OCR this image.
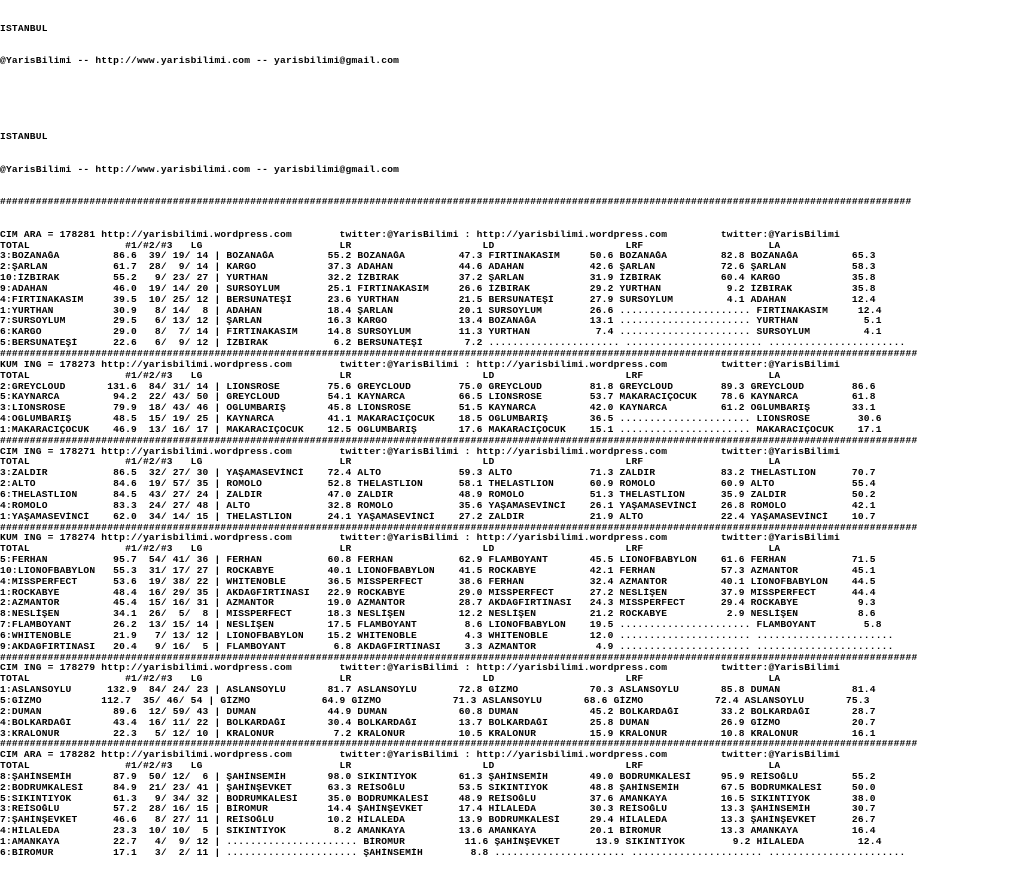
ISTANBUL

@YarisBilimi -- http://www.yarisbilimi.com -- yarisbilimi@gmail.com

ISTANBUL

@YarisBilimi -- http://www.yarisbilimi.com -- yarisbilimi@gmail.com

#########################################################################################################################################################

CIM ARA = 178281 http://yarisbilimi.wordpress.com        twitter:@YarisBilimi : http://yarisbilimi.wordpress.com         twitter:@YarisBilimi
TOTAL                #1/#2/#3   LG                       LR                      LD                      LRF                     LA
3:BOZANAĞA         86.6  39/ 19/ 14 | BOZANAĞA         55.2 BOZANAĞA         47.3 FIRTINAKASIM     50.6 BOZANAĞA         82.8 BOZANAĞA         65.3
2:ŞARLAN           61.7  28/  9/ 14 | KARGO            37.3 ADAHAN           44.6 ADAHAN           42.6 ŞARLAN           72.6 ŞARLAN           58.3
10:İZBIRAK         55.2   9/ 23/ 27 | YURTHAN          32.2 İZBIRAK          37.2 ŞARLAN           31.9 İZBIRAK          60.4 KARGO            35.8
9:ADAHAN           46.0  19/ 14/ 20 | SURSOYLUM        25.1 FIRTINAKASIM     26.6 İZBIRAK          29.2 YURTHAN           9.2 İZBIRAK          35.8
4:FIRTINAKASIM     39.5  10/ 25/ 12 | BERSUNATEŞİ      23.6 YURTHAN          21.5 BERSUNATEŞİ      27.9 SURSOYLUM         4.1 ADAHAN           12.4
1:YURTHAN          30.9   8/ 14/  8 | ADAHAN           18.4 ŞARLAN           20.1 SURSOYLUM        26.6 ...................... FIRTINAKASIM     12.4
7:SURSOYLUM        29.5   6/ 13/ 12 | ŞARLAN           16.3 KARGO            13.4 BOZANAĞA         13.1 ...................... YURTHAN           5.1
6:KARGO            29.0   8/  7/ 14 | FIRTINAKASIM     14.8 SURSOYLUM        11.3 YURTHAN           7.4 ...................... SURSOYLUM         4.1
5:BERSUNATEŞİ      22.6   6/  9/ 12 | İZBIRAK           6.2 BERSUNATEŞİ       7.2 ...................... ....................... .......................
##########################################################################################################################################################
KUM ING = 178273 http://yarisbilimi.wordpress.com        twitter:@YarisBilimi : http://yarisbilimi.wordpress.com         twitter:@YarisBilimi
TOTAL                #1/#2/#3   LG                       LR                      LD                      LRF                     LA
2:GREYCLOUD       131.6  84/ 31/ 14 | LIONSROSE        75.6 GREYCLOUD        75.0 GREYCLOUD        81.8 GREYCLOUD        89.3 GREYCLOUD        86.6
5:KAYNARCA         94.2  22/ 43/ 50 | GREYCLOUD        54.1 KAYNARCA         66.5 LIONSROSE        53.7 MAKARACIÇOCUK    78.6 KAYNARCA         61.8
3:LIONSROSE        79.9  18/ 43/ 46 | OGLUMBARIŞ       45.8 LIONSROSE        51.5 KAYNARCA         42.0 KAYNARCA         61.2 OGLUMBARIŞ       33.1
4:OGLUMBARIŞ       48.5  15/ 19/ 25 | KAYNARCA         41.1 MAKARACIÇOCUK    18.5 OGLUMBARIŞ       36.5 ...................... LIONSROSE        30.6
1:MAKARACIÇOCUK    46.9  13/ 16/ 17 | MAKARACIÇOCUK    12.5 OGLUMBARIŞ       17.6 MAKARACIÇOCUK    15.1 ...................... MAKARACIÇOCUK    17.1
##########################################################################################################################################################
CIM ING = 178271 http://yarisbilimi.wordpress.com        twitter:@YarisBilimi : http://yarisbilimi.wordpress.com         twitter:@YarisBilimi
TOTAL                #1/#2/#3   LG                       LR                      LD                      LRF                     LA
3:ZALDIR           86.5  32/ 27/ 30 | YAŞAMASEVİNCİ    72.4 ALTO             59.3 ALTO             71.3 ZALDIR           83.2 THELASTLION      70.7
2:ALTO             84.6  19/ 57/ 35 | ROMOLO           52.8 THELASTLION      58.1 THELASTLION      60.9 ROMOLO           60.9 ALTO             55.4
6:THELASTLION      84.5  43/ 27/ 24 | ZALDIR           47.0 ZALDIR           48.9 ROMOLO           51.3 THELASTLION      35.9 ZALDIR           50.2
4:ROMOLO           83.3  24/ 27/ 48 | ALTO             32.8 ROMOLO           35.6 YAŞAMASEVİNCİ    26.1 YAŞAMASEVİNCİ    26.8 ROMOLO           42.1
1:YAŞAMASEVİNCİ    62.0  34/ 14/ 15 | THELASTLION      24.1 YAŞAMASEVİNCİ    27.2 ZALDIR           21.9 ALTO             22.4 YAŞAMASEVİNCİ    10.7
##########################################################################################################################################################
KUM ING = 178274 http://yarisbilimi.wordpress.com        twitter:@YarisBilimi : http://yarisbilimi.wordpress.com         twitter:@YarisBilimi
TOTAL                #1/#2/#3   LG                       LR                      LD                      LRF                     LA
5:FERHAN           95.7  54/ 41/ 36 | FERHAN           60.8 FERHAN           62.9 FLAMBOYANT       45.5 LIONOFBABYLON    61.6 FERHAN           71.5
10:LIONOFBABYLON   55.3  31/ 17/ 27 | ROCKABYE         40.1 LIONOFBABYLON    41.5 ROCKABYE         42.1 FERHAN           57.3 AZMANTOR         45.1
4:MISSPERFECT      53.6  19/ 38/ 22 | WHITENOBLE       36.5 MISSPERFECT      38.6 FERHAN           32.4 AZMANTOR         40.1 LIONOFBABYLON    44.5
1:ROCKABYE         48.4  16/ 29/ 35 | AKDAGFIRTINASI   22.9 ROCKABYE         29.0 MISSPERFECT      27.2 NESLİŞEN         37.9 MISSPERFECT      44.4
2:AZMANTOR         45.4  15/ 16/ 31 | AZMANTOR         19.0 AZMANTOR         28.7 AKDAGFIRTINASI   24.3 MISSPERFECT      29.4 ROCKABYE          9.3
8:NESLİŞEN         34.1  26/  5/  8 | MISSPERFECT      18.3 NESLİŞEN         12.2 NESLİŞEN         21.2 ROCKABYE          2.9 NESLİŞEN          8.6
7:FLAMBOYANT       26.2  13/ 15/ 14 | NESLİŞEN         17.5 FLAMBOYANT        8.6 LIONOFBABYLON    19.5 ...................... FLAMBOYANT        5.8
6:WHITENOBLE       21.9   7/ 13/ 12 | LIONOFBABYLON    15.2 WHITENOBLE        4.3 WHITENOBLE       12.0 ...................... .......................
9:AKDAGFIRTINASI   20.4   9/ 16/  5 | FLAMBOYANT        6.8 AKDAGFIRTINASI    3.3 AZMANTOR          4.9 ...................... .......................
##########################################################################################################################################################
CIM ING = 178279 http://yarisbilimi.wordpress.com        twitter:@YarisBilimi : http://yarisbilimi.wordpress.com         twitter:@YarisBilimi
TOTAL                #1/#2/#3   LG                       LR                      LD                      LRF                     LA
1:ASLANSOYLU      132.9  84/ 24/ 23 | ASLANSOYLU       81.7 ASLANSOYLU       72.8 GİZMO            70.3 ASLANSOYLU       85.8 DUMAN            81.4
5:GİZMO          112.7  35/ 46/ 54 | GİZMO            64.9 GİZMO            71.3 ASLANSOYLU       68.6 GİZMO            72.4 ASLANSOYLU       75.3
2:DUMAN            89.6  12/ 59/ 43 | DUMAN            44.9 DUMAN            60.8 DUMAN            45.2 BOLKARDAĞI       33.2 BOLKARDAĞI       28.7
4:BOLKARDAĞI       43.4  16/ 11/ 22 | BOLKARDAĞI       30.4 BOLKARDAĞI       13.7 BOLKARDAĞI       25.8 DUMAN            26.9 GİZMO            20.7
3:KRALONUR         22.3   5/ 12/ 10 | KRALONUR          7.2 KRALONUR         10.5 KRALONUR         15.9 KRALONUR         10.8 KRALONUR         16.1
##########################################################################################################################################################
CIM ARA = 178282 http://yarisbilimi.wordpress.com        twitter:@YarisBilimi : http://yarisbilimi.wordpress.com         twitter:@YarisBilimi
TOTAL                #1/#2/#3   LG                       LR                      LD                      LRF                     LA
8:ŞAHİNSEMİH       87.9  50/ 12/  6 | ŞAHİNSEMİH       98.0 SIKINTIYOK       61.3 ŞAHİNSEMİH       49.0 BODRUMKALESİ     95.9 REİSOĞLU         55.2
2:BODRUMKALESİ     84.9  21/ 23/ 41 | ŞAHİNŞEVKET      63.3 REİSOĞLU         53.5 SIKINTIYOK       48.8 ŞAHİNSEMİH       67.5 BODRUMKALESİ     50.0
5:SIKINTIYOK       61.3   9/ 34/ 32 | BODRUMKALESİ     35.0 BODRUMKALESİ     48.9 REİSOĞLU         37.6 AMANKAYA         16.5 SIKINTIYOK       38.0
3:REİSOĞLU         57.2  28/ 16/ 15 | BİROMUR          14.4 ŞAHİNŞEVKET      17.4 HİLALEDA         30.3 REİSOĞLU         13.3 ŞAHİNSEMİH       30.7
7:ŞAHİNŞEVKET      46.6   8/ 27/ 11 | REİSOĞLU         10.2 HİLALEDA         13.9 BODRUMKALESİ     29.4 HİLALEDA         13.3 ŞAHİNŞEVKET      26.7
4:HİLALEDA         23.3  10/ 10/  5 | SIKINTIYOK        8.2 AMANKAYA         13.6 AMANKAYA         20.1 BİROMUR          13.3 AMANKAYA         16.4
1:AMANKAYA         22.7   4/  9/ 12 | ...................... BİROMUR          11.6 ŞAHİNŞEVKET      13.9 SIKINTIYOK        9.2 HİLALEDA         12.4
6:BİROMUR          17.1   3/  2/ 11 | ...................... ŞAHİNSEMİH        8.8 ...................... ...................... .......................
